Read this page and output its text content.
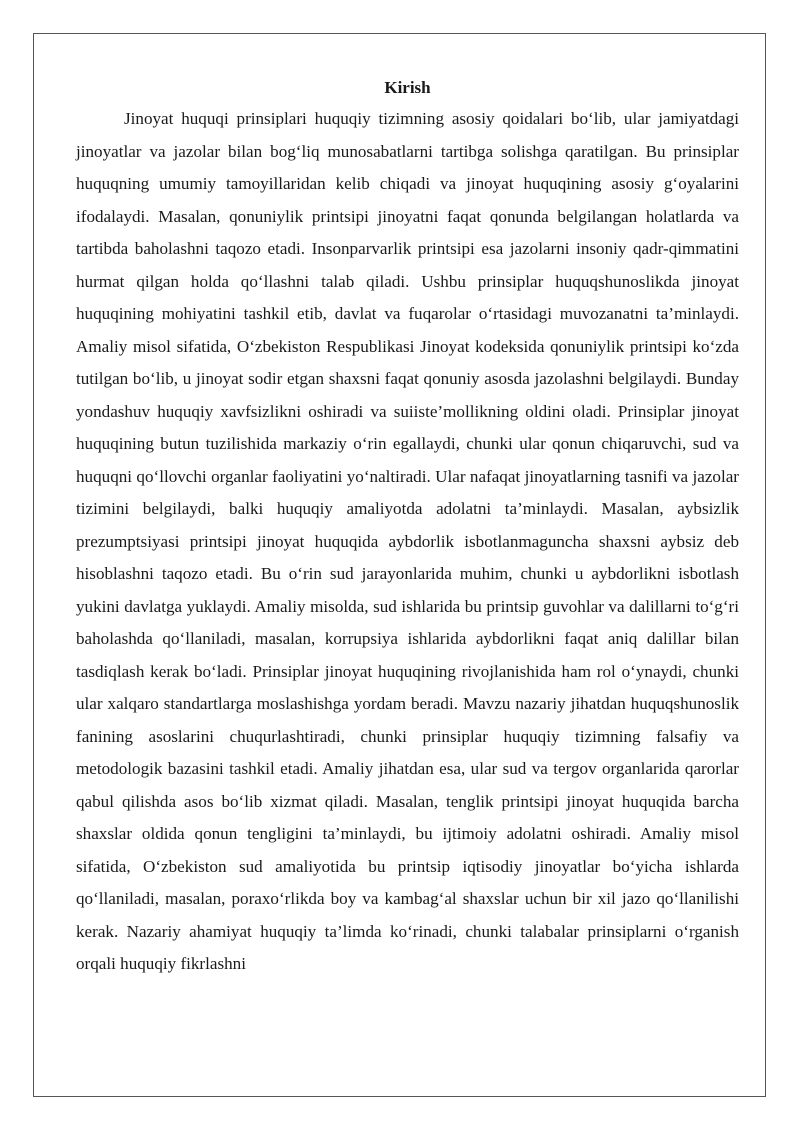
Kirish

Jinoyat huquqi prinsiplari huquqiy tizimning asosiy qoidalari bo‘lib, ular jamiyatdagi jinoyatlar va jazolar bilan bog‘liq munosabatlarni tartibga solishga qaratilgan. Bu prinsiplar huquqning umumiy tamoyillaridan kelib chiqadi va jinoyat huquqining asosiy g‘oyalarini ifodalaydi. Masalan, qonuniylik printsipi jinoyatni faqat qonunda belgilangan holatlarda va tartibda baholashni taqozo etadi. Insonparvarlik printsipi esa jazolarni insoniy qadr-qimmatini hurmat qilgan holda qo‘llashni talab qiladi. Ushbu prinsiplar huquqshunoslikda jinoyat huquqining mohiyatini tashkil etib, davlat va fuqarolar o‘rtasidagi muvozanatni ta’minlaydi. Amaliy misol sifatida, O‘zbekiston Respublikasi Jinoyat kodeksida qonuniylik printsipi ko‘zda tutilgan bo‘lib, u jinoyat sodir etgan shaxsni faqat qonuniy asosda jazolashni belgilaydi. Bunday yondashuv huquqiy xavfsizlikni oshiradi va suiiste’mollikning oldini oladi. Prinsiplar jinoyat huquqining butun tuzilishida markaziy o‘rin egallaydi, chunki ular qonun chiqaruvchi, sud va huquqni qo‘llovchi organlar faoliyatini yo‘naltiradi. Ular nafaqat jinoyatlarning tasnifi va jazolar tizimini belgilaydi, balki huquqiy amaliyotda adolatni ta’minlaydi. Masalan, aybsizlik prezumptsiyasi printsipi jinoyat huquqida aybdorlik isbotlanmaguncha shaxsni aybsiz deb hisoblashni taqozo etadi. Bu o‘rin sud jarayonlarida muhim, chunki u aybdorlikni isbotlash yukini davlatga yuklaydi. Amaliy misolda, sud ishlarida bu printsip guvohlar va dalillarni to‘g‘ri baholashda qo‘llaniladi, masalan, korrupsiya ishlarida aybdorlikni faqat aniq dalillar bilan tasdiqlash kerak bo‘ladi. Prinsiplar jinoyat huquqining rivojlanishida ham rol o‘ynaydi, chunki ular xalqaro standartlarga moslashishga yordam beradi. Mavzu nazariy jihatdan huquqshunoslik fanining asoslarini chuqurlashtiradi, chunki prinsiplar huquqiy tizimning falsafiy va metodologik bazasini tashkil etadi. Amaliy jihatdan esa, ular sud va tergov organlarida qarorlar qabul qilishda asos bo‘lib xizmat qiladi. Masalan, tenglik printsipi jinoyat huquqida barcha shaxslar oldida qonun tengligini ta’minlaydi, bu ijtimoiy adolatni oshiradi. Amaliy misol sifatida, O‘zbekiston sud amaliyotida bu printsip iqtisodiy jinoyatlar bo‘yicha ishlarda qo‘llaniladi, masalan, poraxo‘rlikda boy va kambag‘al shaxslar uchun bir xil jazo qo‘llanilishi kerak. Nazariy ahamiyat huquqiy ta’limda ko‘rinadi, chunki talabalar prinsiplarni o‘rganish orqali huquqiy fikrlashni
